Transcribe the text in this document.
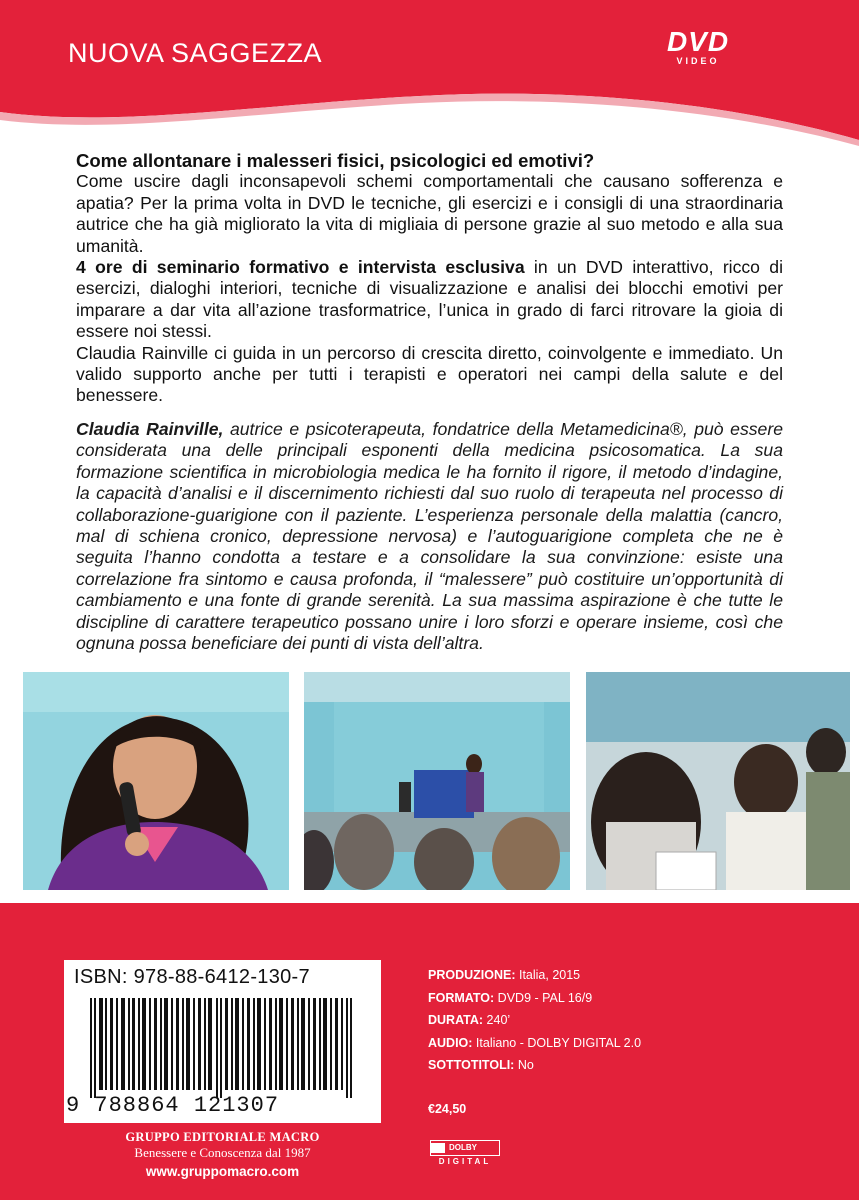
NUOVA SAGGEZZA	DVD
VIDEO

Come allontanare i malesseri fisici, psicologici ed emotivi?

Come uscire dagli inconsapevoli schemi comportamentali che causano sofferenza e apatia? Per la prima volta in DVD le tecniche, gli esercizi e i consigli di una straordinaria autrice che ha già migliorato la vita di migliaia di persone grazie al suo metodo e alla sua umanità.

4 ore di seminario formativo e intervista esclusiva in un DVD interattivo, ricco di esercizi, dialoghi interiori, tecniche di visualizzazione e analisi dei blocchi emotivi per imparare a dar vita all’azione trasformatrice, l’unica in grado di farci ritrovare la gioia di essere noi stessi.

Claudia Rainville ci guida in un percorso di crescita diretto, coinvolgente e immediato. Un valido supporto anche per tutti i terapisti e operatori nei campi della salute e del benessere.

Claudia Rainville, autrice e psicoterapeuta, fondatrice della Metamedicina®, può essere considerata una delle principali esponenti della medicina psicosomatica. La sua formazione scientifica in microbiologia medica le ha fornito il rigore, il metodo d’indagine, la capacità d’analisi e il discernimento richiesti dal suo ruolo di terapeuta nel processo di collaborazione-guarigione con il paziente. L’esperienza personale della malattia (cancro, mal di schiena cronico, depressione nervosa) e l’autoguarigione completa che ne è seguita l’hanno condotta a testare e a consolidare la sua convinzione: esiste una correlazione fra sintomo e causa profonda, il “malessere” può costituire un’opportunità di cambiamento e una fonte di grande serenità. La sua massima aspirazione è che tutte le discipline di carattere terapeutico possano unire i loro sforzi e operare insieme, così che ognuna possa beneficiare dei punti di vista dell’altra.

ISBN: 978-88-6412-130-7
9 788864 121307
GRUPPO EDITORIALE MACRO
Benessere e Conoscenza dal 1987
www.gruppomacro.com
PRODUZIONE: Italia, 2015
FORMATO: DVD9 - PAL 16/9
DURATA: 240’
AUDIO: Italiano - DOLBY DIGITAL 2.0
SOTTOTITOLI: No
€24,50
DOLBY
DIGITAL
